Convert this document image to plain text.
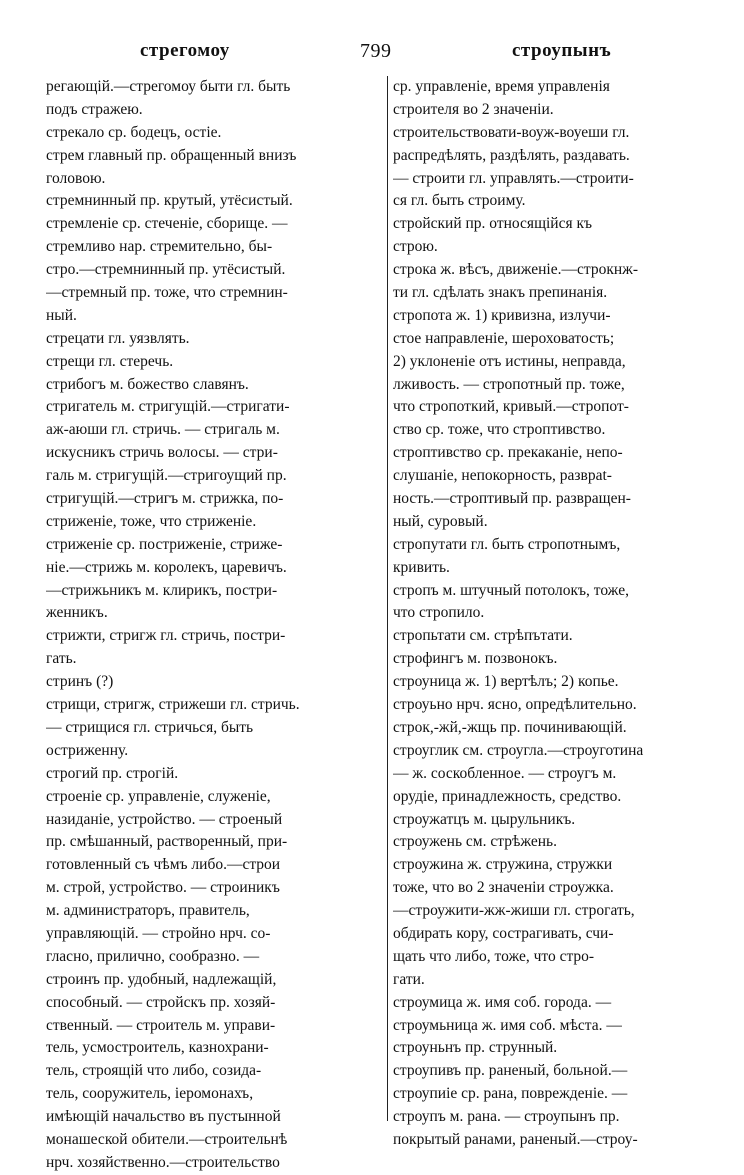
стрегомоу	799	строупынъ
регающій.—стрегомоу быти гл. быть
подъ стражею.
стрекало ср. бодецъ, остіе.
стрем главный пр. обращенный внизъ
головою.
стремнинный пр. крутый, утёсистый.
стремленіе ср. стеченіе, сборище. —
стремливо нар. стремительно, бы-
стро.—стремнинный пр. утёсистый.
—стремный пр. тоже, что стремнин-
ный.
стрецати гл. уязвлять.
стрещи гл. стеречь.
стрибогъ м. божество славянъ.
стригатель м. стригущій.—стригати-
аж-аюши гл. стричь. — стригаль м.
искусникъ стричь волосы. — стри-
галь м. стригущій.—стригоущий пр.
стригущій.—стригъ м. стрижка, по-
стриженіе, тоже, что стриженіе.
стриженіе ср. постриженіе, стриже-
ніе.—стрижь м. королекъ, царевичъ.
—стрижьникъ м. клирикъ, постри-
женникъ.
стрижти, стригж гл. стричь, постри-
гать.
стринъ (?)
стрищи, стригж, стрижеши гл. стричь.
— стрищися гл. стричься, быть
остриженну.
строгий пр. строгій.
строеніе ср. управленіе, служеніе,
назиданіе, устройство. — строеный
пр. смѣшанный, растворенный, при-
готовленный съ чѣмъ либо.—строи
м. строй, устройство. — строиникъ
м. администраторъ, правитель,
управляющій. — стройно нрч. со-
гласно, прилично, сообразно. —
строинъ пр. удобный, надлежащій,
способный. — стройскъ пр. хозяй-
ственный. — строитель м. управи-
тель, усмостроитель, казнохрани-
тель, строящій что либо, созида-
тель, сооружитель, іеромонахъ,
имѣющій начальство въ пустынной
монашеской обители.—строительнѣ
нрч. хозяйственно.—строительство
ср. управленіе, время управленія
строителя во 2 значеніи.
строительствовати-воуж-воуеши гл.
распредѣлять, раздѣлять, раздавать.
— строити гл. управлять.—строити-
ся гл. быть строиму.
стройский пр. относящійся къ
строю.
строка ж. вѣсъ, движеніе.—строкнж-
ти гл. сдѣлать знакъ препинанія.
стропота ж. 1) кривизна, излучи-
стое направленіе, шероховатость;
2) уклоненіе отъ истины, неправда,
лживость. — стропотный пр. тоже,
что стропоткий, кривый.—стропот-
ство ср. тоже, что строптивство.
строптивство ср. прекаканіе, непо-
слушаніе, непокорность, развраt-
ность.—строптивый пр. развращен-
ный, суровый.
стропутати гл. быть стропотнымъ,
кривить.
стропъ м. штучный потолокъ, тоже,
что стропило.
стропьтати см. стрѣпътати.
строфингъ м. позвонокъ.
строуница ж. 1) вертѣлъ; 2) копье.
строуьно нрч. ясно, опредѣлительно.
строк,-жй,-жщь пр. починивающій.
строуглик см. строугла.—строуготина
— ж. соскобленное. — строугъ м.
орудіе, принадлежность, средство.
строужатцъ м. цырульникъ.
строужень см. стрѣжень.
строужина ж. стружина, стружки
тоже, что во 2 значеніи строужка.
—строужити-жж-жиши гл. строгать,
обдирать кору, сострагивать, счи-
щать что либо, тоже, что стро-
гати.
строумица ж. имя соб. города. —
строумьница ж. имя соб. мѣста. —
строуньнъ пр. струнный.
строупивъ пр. раненый, больной.—
строупиіе ср. рана, поврежденіе. —
строупъ м. рана. — строупынъ пр.
покрытый ранами, раненый.—строу-
